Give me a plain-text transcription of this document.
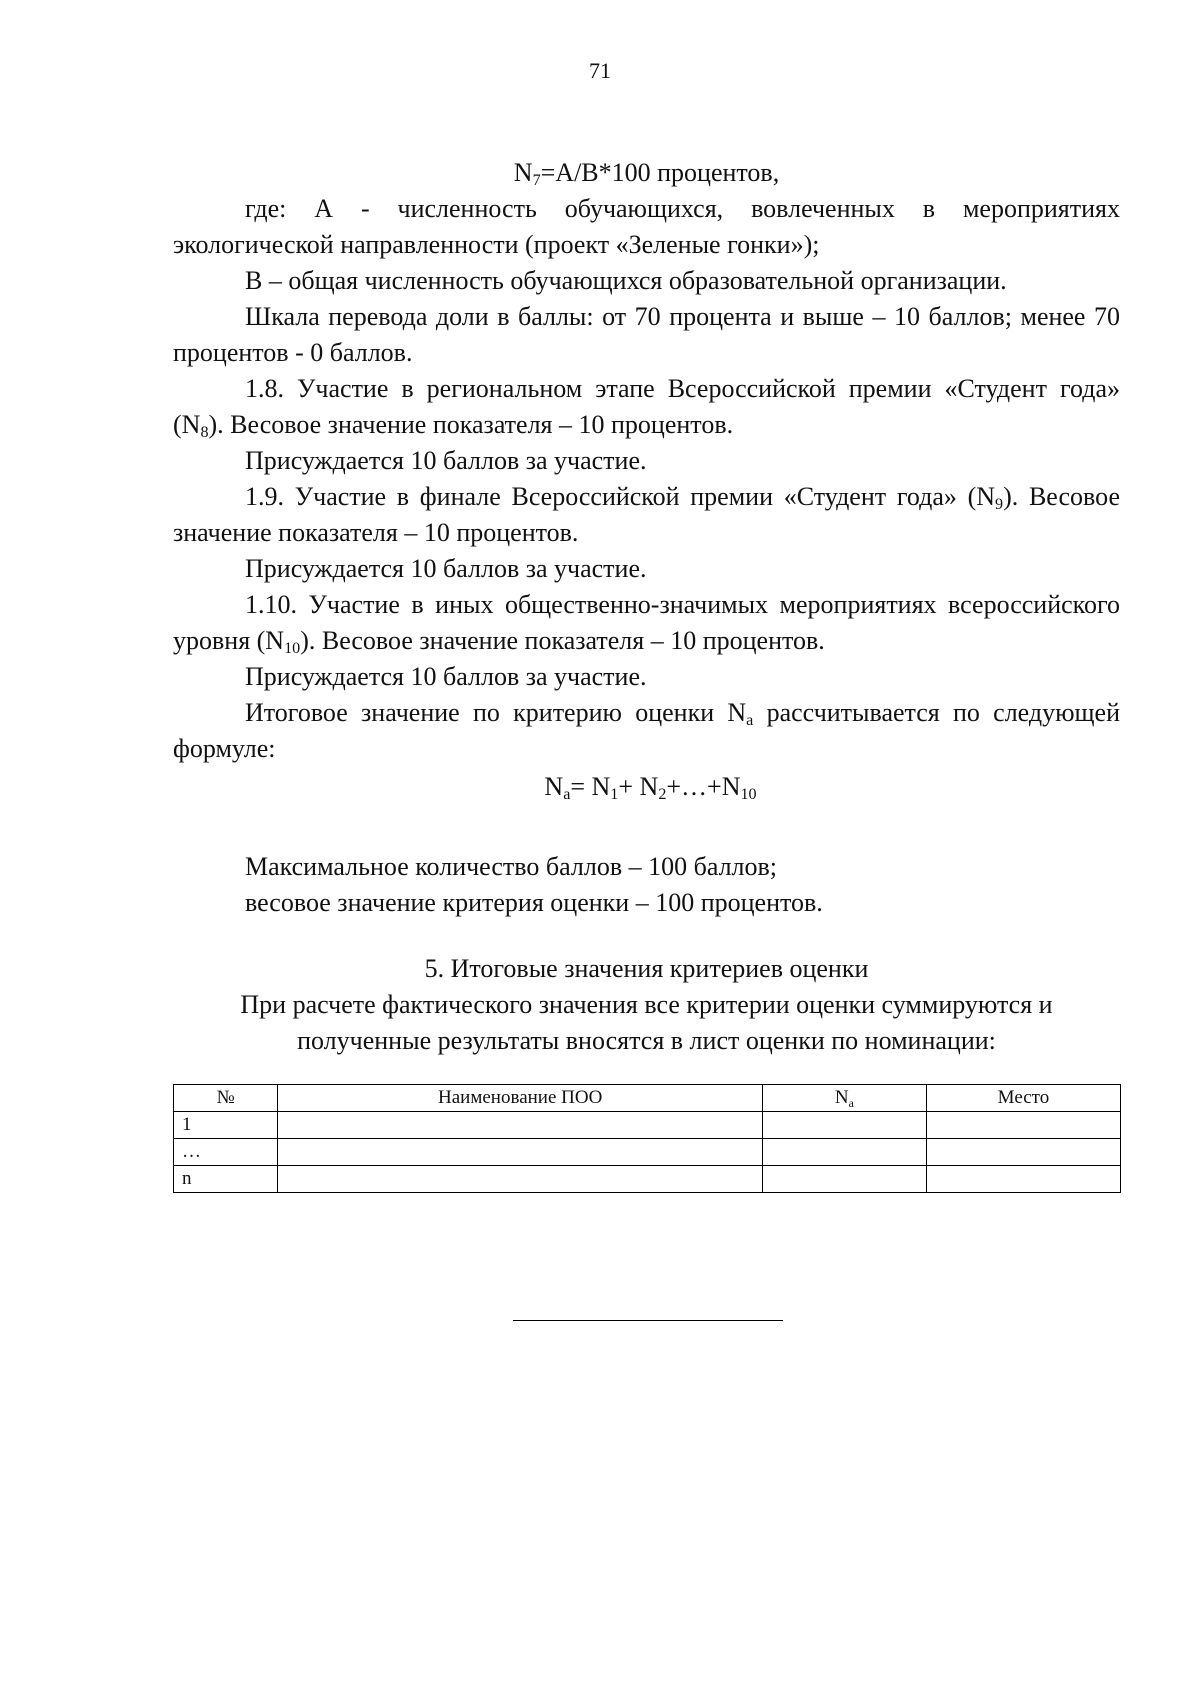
71

$N_7=A/B*100$ процентов,

где: А - численность обучающихся, вовлеченных в мероприятиях экологической направленности (проект «Зеленые гонки»);

В – общая численность обучающихся образовательной организации.

Шкала перевода доли в баллы: от 70 процента и выше – 10 баллов; менее 70 процентов - 0 баллов.

1.8. Участие в региональном этапе Всероссийской премии «Студент года» $(N_8)$. Весовое значение показателя – 10 процентов.

Присуждается 10 баллов за участие.

1.9. Участие в финале Всероссийской премии «Студент года» $(N_9)$. Весовое значение показателя – 10 процентов.

Присуждается 10 баллов за участие.

1.10. Участие в иных общественно-значимых мероприятиях всероссийского уровня $(N_{10})$. Весовое значение показателя – 10 процентов.

Присуждается 10 баллов за участие.

Итоговое значение по критерию оценки $N_a$ рассчитывается по следующей формуле:

$N_a= N_1+$ $N_2+\dots+N_{10}$

Максимальное количество баллов – 100 баллов;

весовое значение критерия оценки – 100 процентов.

5. Итоговые значения критериев оценки

При расчете фактического значения все критерии оценки суммируются и

полученные результаты вносятся в лист оценки по номинации:

№	Наименование ПОО	$N_a$	Место
1			
…			
n			
